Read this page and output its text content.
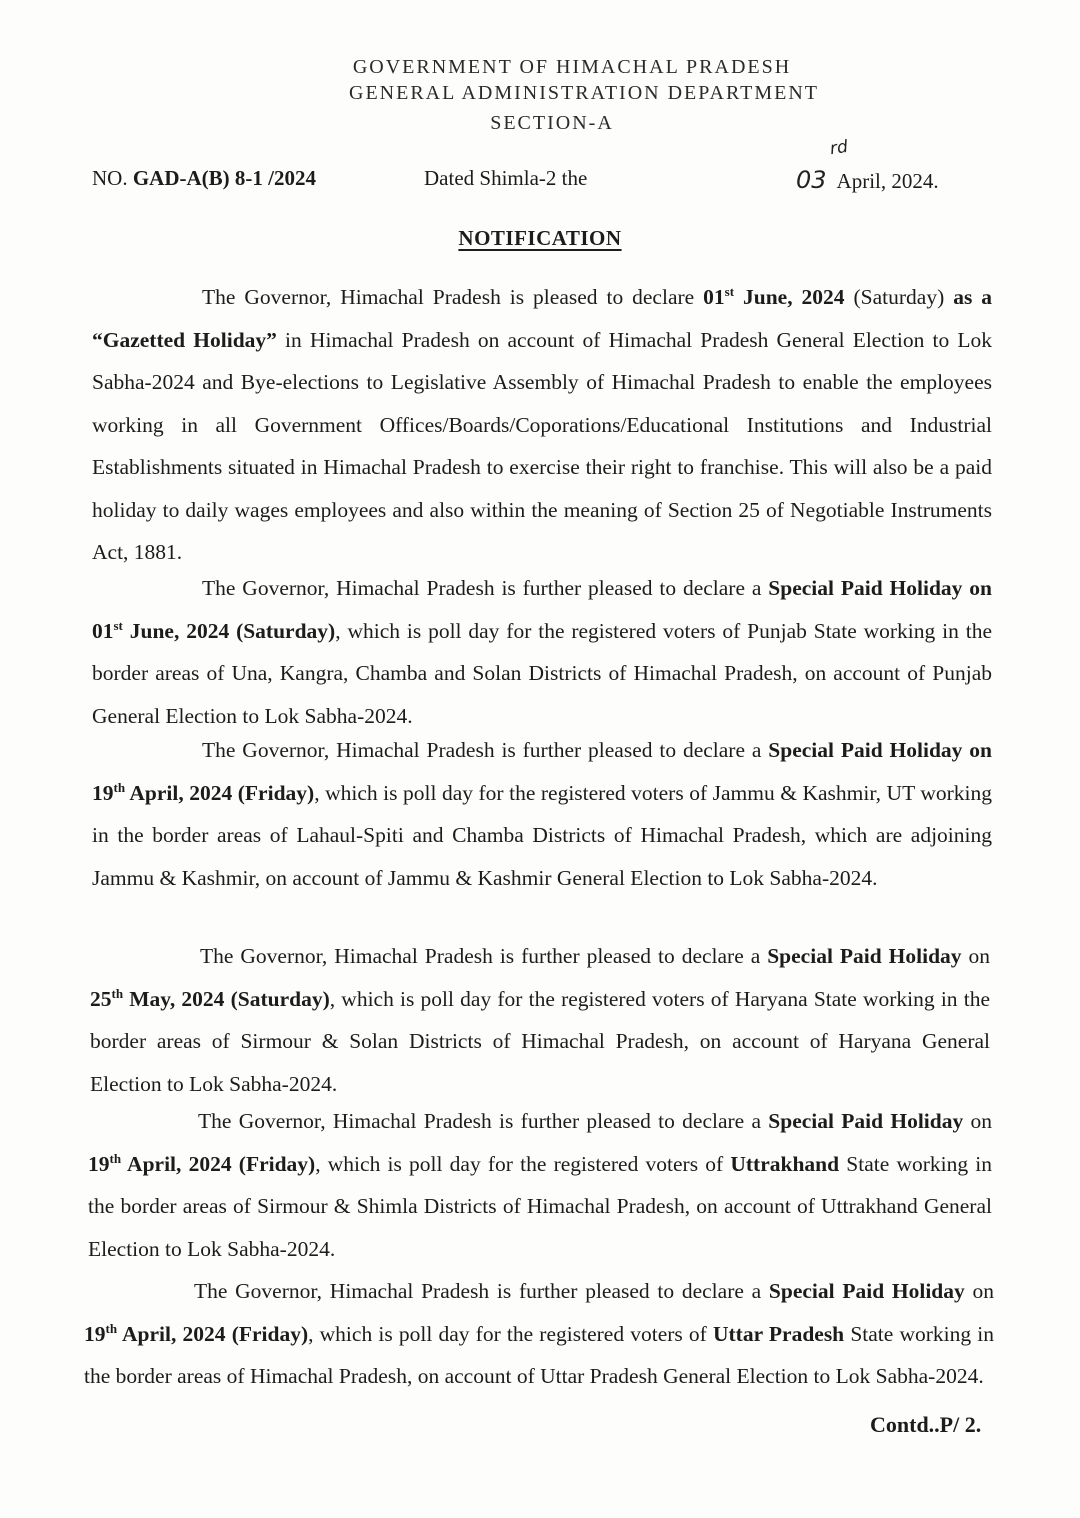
GOVERNMENT OF HIMACHAL PRADESH
GENERAL ADMINISTRATION DEPARTMENT
SECTION-A
NO. GAD-A(B) 8-1 /2024	Dated Shimla-2 the
rd
03 April, 2024.
NOTIFICATION

The Governor, Himachal Pradesh is pleased to declare 01st June, 2024 (Saturday) as a “Gazetted Holiday” in Himachal Pradesh on account of Himachal Pradesh General Election to Lok Sabha-2024 and Bye-elections to Legislative Assembly of Himachal Pradesh to enable the employees working in all Government Offices/Boards/Coporations/Educational Institutions and Industrial Establishments situated in Himachal Pradesh to exercise their right to franchise. This will also be a paid holiday to daily wages employees and also within the meaning of Section 25 of Negotiable Instruments Act, 1881.

The Governor, Himachal Pradesh is further pleased to declare a Special Paid Holiday on 01st June, 2024 (Saturday), which is poll day for the registered voters of Punjab State working in the border areas of Una, Kangra, Chamba and Solan Districts of Himachal Pradesh, on account of Punjab General Election to Lok Sabha-2024.

The Governor, Himachal Pradesh is further pleased to declare a Special Paid Holiday on 19th April, 2024 (Friday), which is poll day for the registered voters of Jammu & Kashmir, UT working in the border areas of Lahaul-Spiti and Chamba Districts of Himachal Pradesh, which are adjoining Jammu & Kashmir, on account of Jammu & Kashmir General Election to Lok Sabha-2024.

The Governor, Himachal Pradesh is further pleased to declare a Special Paid Holiday on 25th May, 2024 (Saturday), which is poll day for the registered voters of Haryana State working in the border areas of Sirmour & Solan Districts of Himachal Pradesh, on account of Haryana General Election to Lok Sabha-2024.

The Governor, Himachal Pradesh is further pleased to declare a Special Paid Holiday on 19th April, 2024 (Friday), which is poll day for the registered voters of Uttrakhand State working in the border areas of Sirmour & Shimla Districts of Himachal Pradesh, on account of Uttrakhand General Election to Lok Sabha-2024.

The Governor, Himachal Pradesh is further pleased to declare a Special Paid Holiday on 19th April, 2024 (Friday), which is poll day for the registered voters of Uttar Pradesh State working in the border areas of Himachal Pradesh, on account of Uttar Pradesh General Election to Lok Sabha-2024.

Contd..P/ 2.
